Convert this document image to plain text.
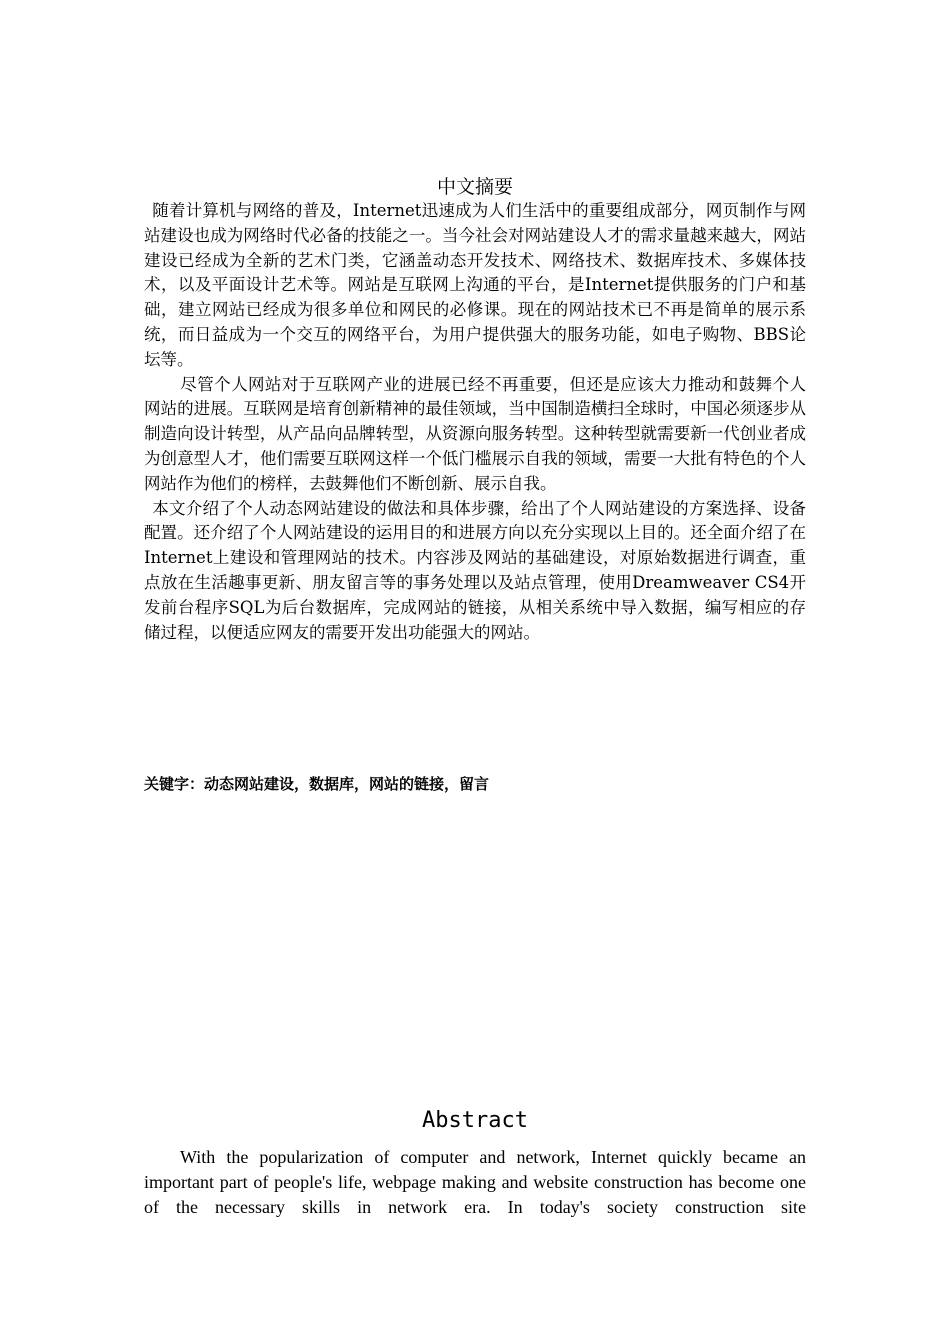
中文摘要

随着计算机与网络的普及，Internet迅速成为人们生活中的重要组成部分，网页制作与网站建设也成为网络时代必备的技能之一。当今社会对网站建设人才的需求量越来越大，网站建设已经成为全新的艺术门类，它涵盖动态开发技术、网络技术、数据库技术、多媒体技术，以及平面设计艺术等。网站是互联网上沟通的平台，是Internet提供服务的门户和基础，建立网站已经成为很多单位和网民的必修课。现在的网站技术已不再是简单的展示系统，而日益成为一个交互的网络平台，为用户提供强大的服务功能，如电子购物、BBS论坛等。

尽管个人网站对于互联网产业的进展已经不再重要，但还是应该大力推动和鼓舞个人网站的进展。互联网是培育创新精神的最佳领域，当中国制造横扫全球时，中国必须逐步从制造向设计转型，从产品向品牌转型，从资源向服务转型。这种转型就需要新一代创业者成为创意型人才，他们需要互联网这样一个低门槛展示自我的领域，需要一大批有特色的个人网站作为他们的榜样，去鼓舞他们不断创新、展示自我。

本文介绍了个人动态网站建设的做法和具体步骤，给出了个人网站建设的方案选择、设备配置。还介绍了个人网站建设的运用目的和进展方向以充分实现以上目的。还全面介绍了在Internet上建设和管理网站的技术。内容涉及网站的基础建设，对原始数据进行调查，重点放在生活趣事更新、朋友留言等的事务处理以及站点管理，使用Dreamweaver CS4开发前台程序SQL为后台数据库，完成网站的链接，从相关系统中导入数据，编写相应的存储过程，以便适应网友的需要开发出功能强大的网站。

关键字：动态网站建设，数据库，网站的链接，留言

Abstract

With the popularization of computer and network, Internet quickly became an important part of people's life, webpage making and website construction has become one of the necessary skills in network era. In today's society construction site
